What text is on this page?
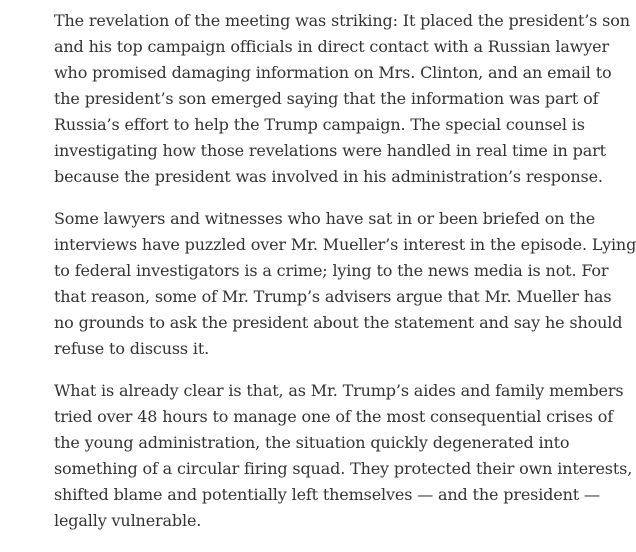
The revelation of the meeting was striking: It placed the president’s son
and his top campaign officials in direct contact with a Russian lawyer
who promised damaging information on Mrs. Clinton, and an email to
the president’s son emerged saying that the information was part of
Russia’s effort to help the Trump campaign. The special counsel is
investigating how those revelations were handled in real time in part
because the president was involved in his administration’s response.

Some lawyers and witnesses who have sat in or been briefed on the
interviews have puzzled over Mr. Mueller’s interest in the episode. Lying
to federal investigators is a crime; lying to the news media is not. For
that reason, some of Mr. Trump’s advisers argue that Mr. Mueller has
no grounds to ask the president about the statement and say he should
refuse to discuss it.

What is already clear is that, as Mr. Trump’s aides and family members
tried over 48 hours to manage one of the most consequential crises of
the young administration, the situation quickly degenerated into
something of a circular firing squad. They protected their own interests,
shifted blame and potentially left themselves — and the president —
legally vulnerable.
